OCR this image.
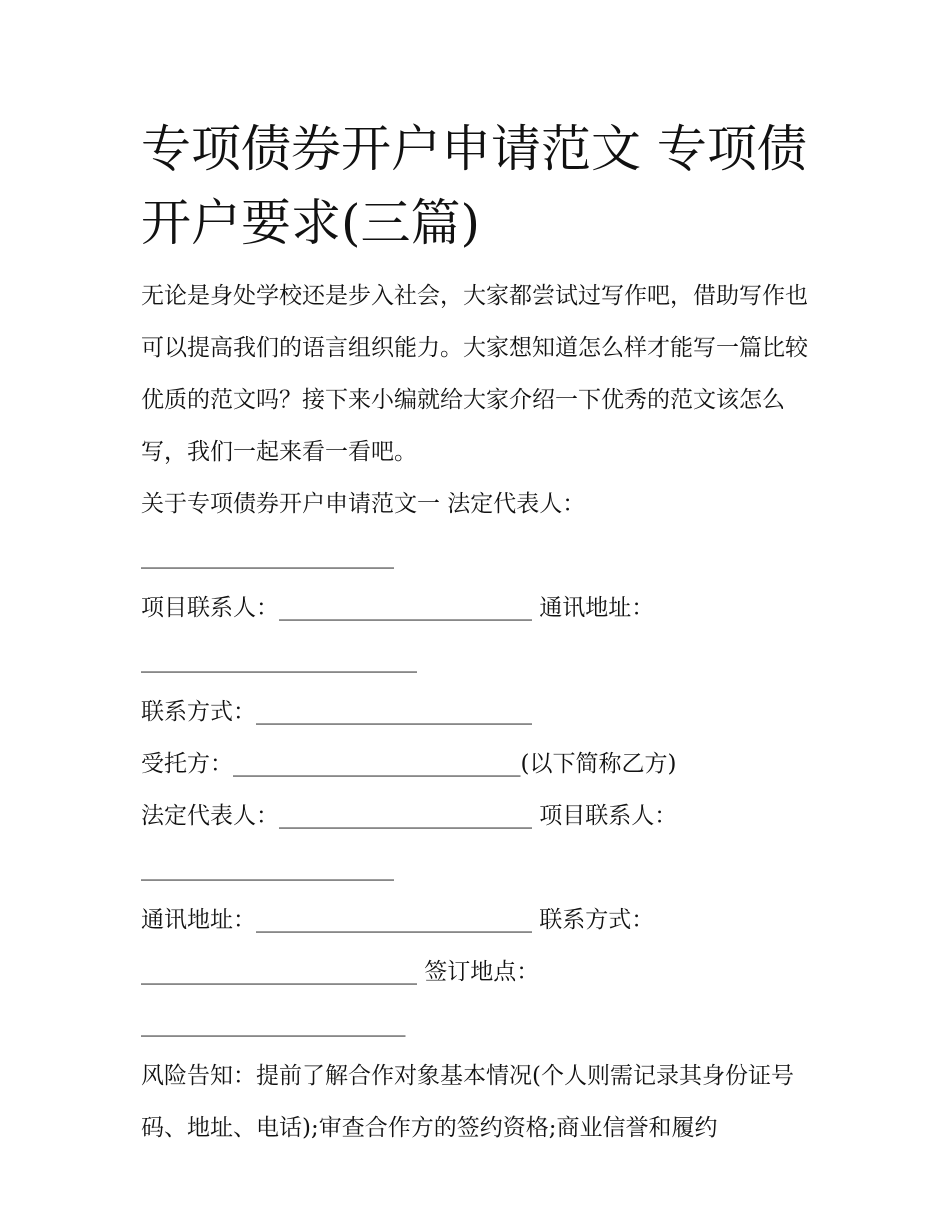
专项债券开户申请范文 专项债开户要求(三篇)

无论是身处学校还是步入社会，大家都尝试过写作吧，借助写作也可以提高我们的语言组织能力。大家想知道怎么样才能写一篇比较优质的范文吗？接下来小编就给大家介绍一下优秀的范文该怎么写，我们一起来看一看吧。

关于专项债券开户申请范文一 法定代表人：

______________________

项目联系人：______________________ 通讯地址：

________________________

联系方式：________________________

受托方：_________________________(以下简称乙方)

法定代表人：______________________ 项目联系人：

______________________

通讯地址：________________________ 联系方式：

________________________ 签订地点：

_______________________

风险告知：提前了解合作对象基本情况(个人则需记录其身份证号码、地址、电话);审查合作方的签约资格;商业信誉和履约
